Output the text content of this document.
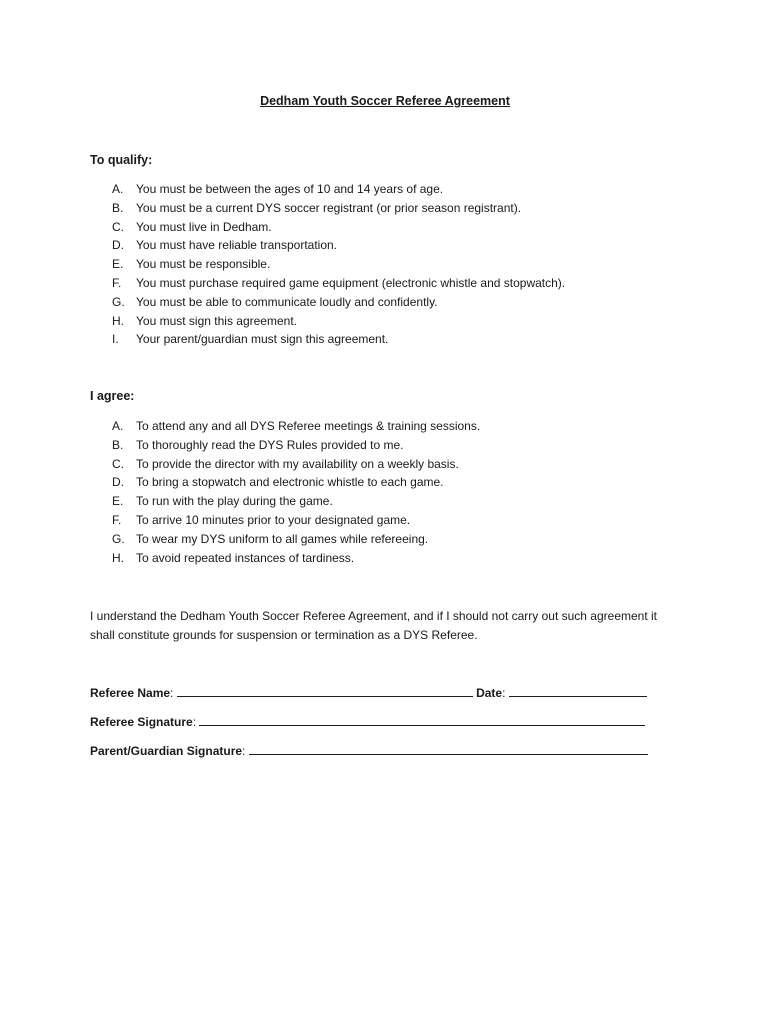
Dedham Youth Soccer Referee Agreement
To qualify:
A.	You must be between the ages of 10 and 14 years of age.
B.	You must be a current DYS soccer registrant (or prior season registrant).
C.	You must live in Dedham.
D.	You must have reliable transportation.
E.	You must be responsible.
F.	You must purchase required game equipment (electronic whistle and stopwatch).
G. You must be able to communicate loudly and confidently.
H.	You must sign this agreement.
I.	Your parent/guardian must sign this agreement.
I agree:
A.	To attend any and all DYS Referee meetings & training sessions.
B.	To thoroughly read the DYS Rules provided to me.
C.	To provide the director with my availability on a weekly basis.
D.	To bring a stopwatch and electronic whistle to each game.
E.	To run with the play during the game.
F.	To arrive 10 minutes prior to your designated game.
G. To wear my DYS uniform to all games while refereeing.
H.	To avoid repeated instances of tardiness.
I understand the Dedham Youth Soccer Referee Agreement, and if I should not carry out such agreement it shall constitute grounds for suspension or termination as a DYS Referee.
Referee Name:	Date:
Referee Signature:
Parent/Guardian Signature:
